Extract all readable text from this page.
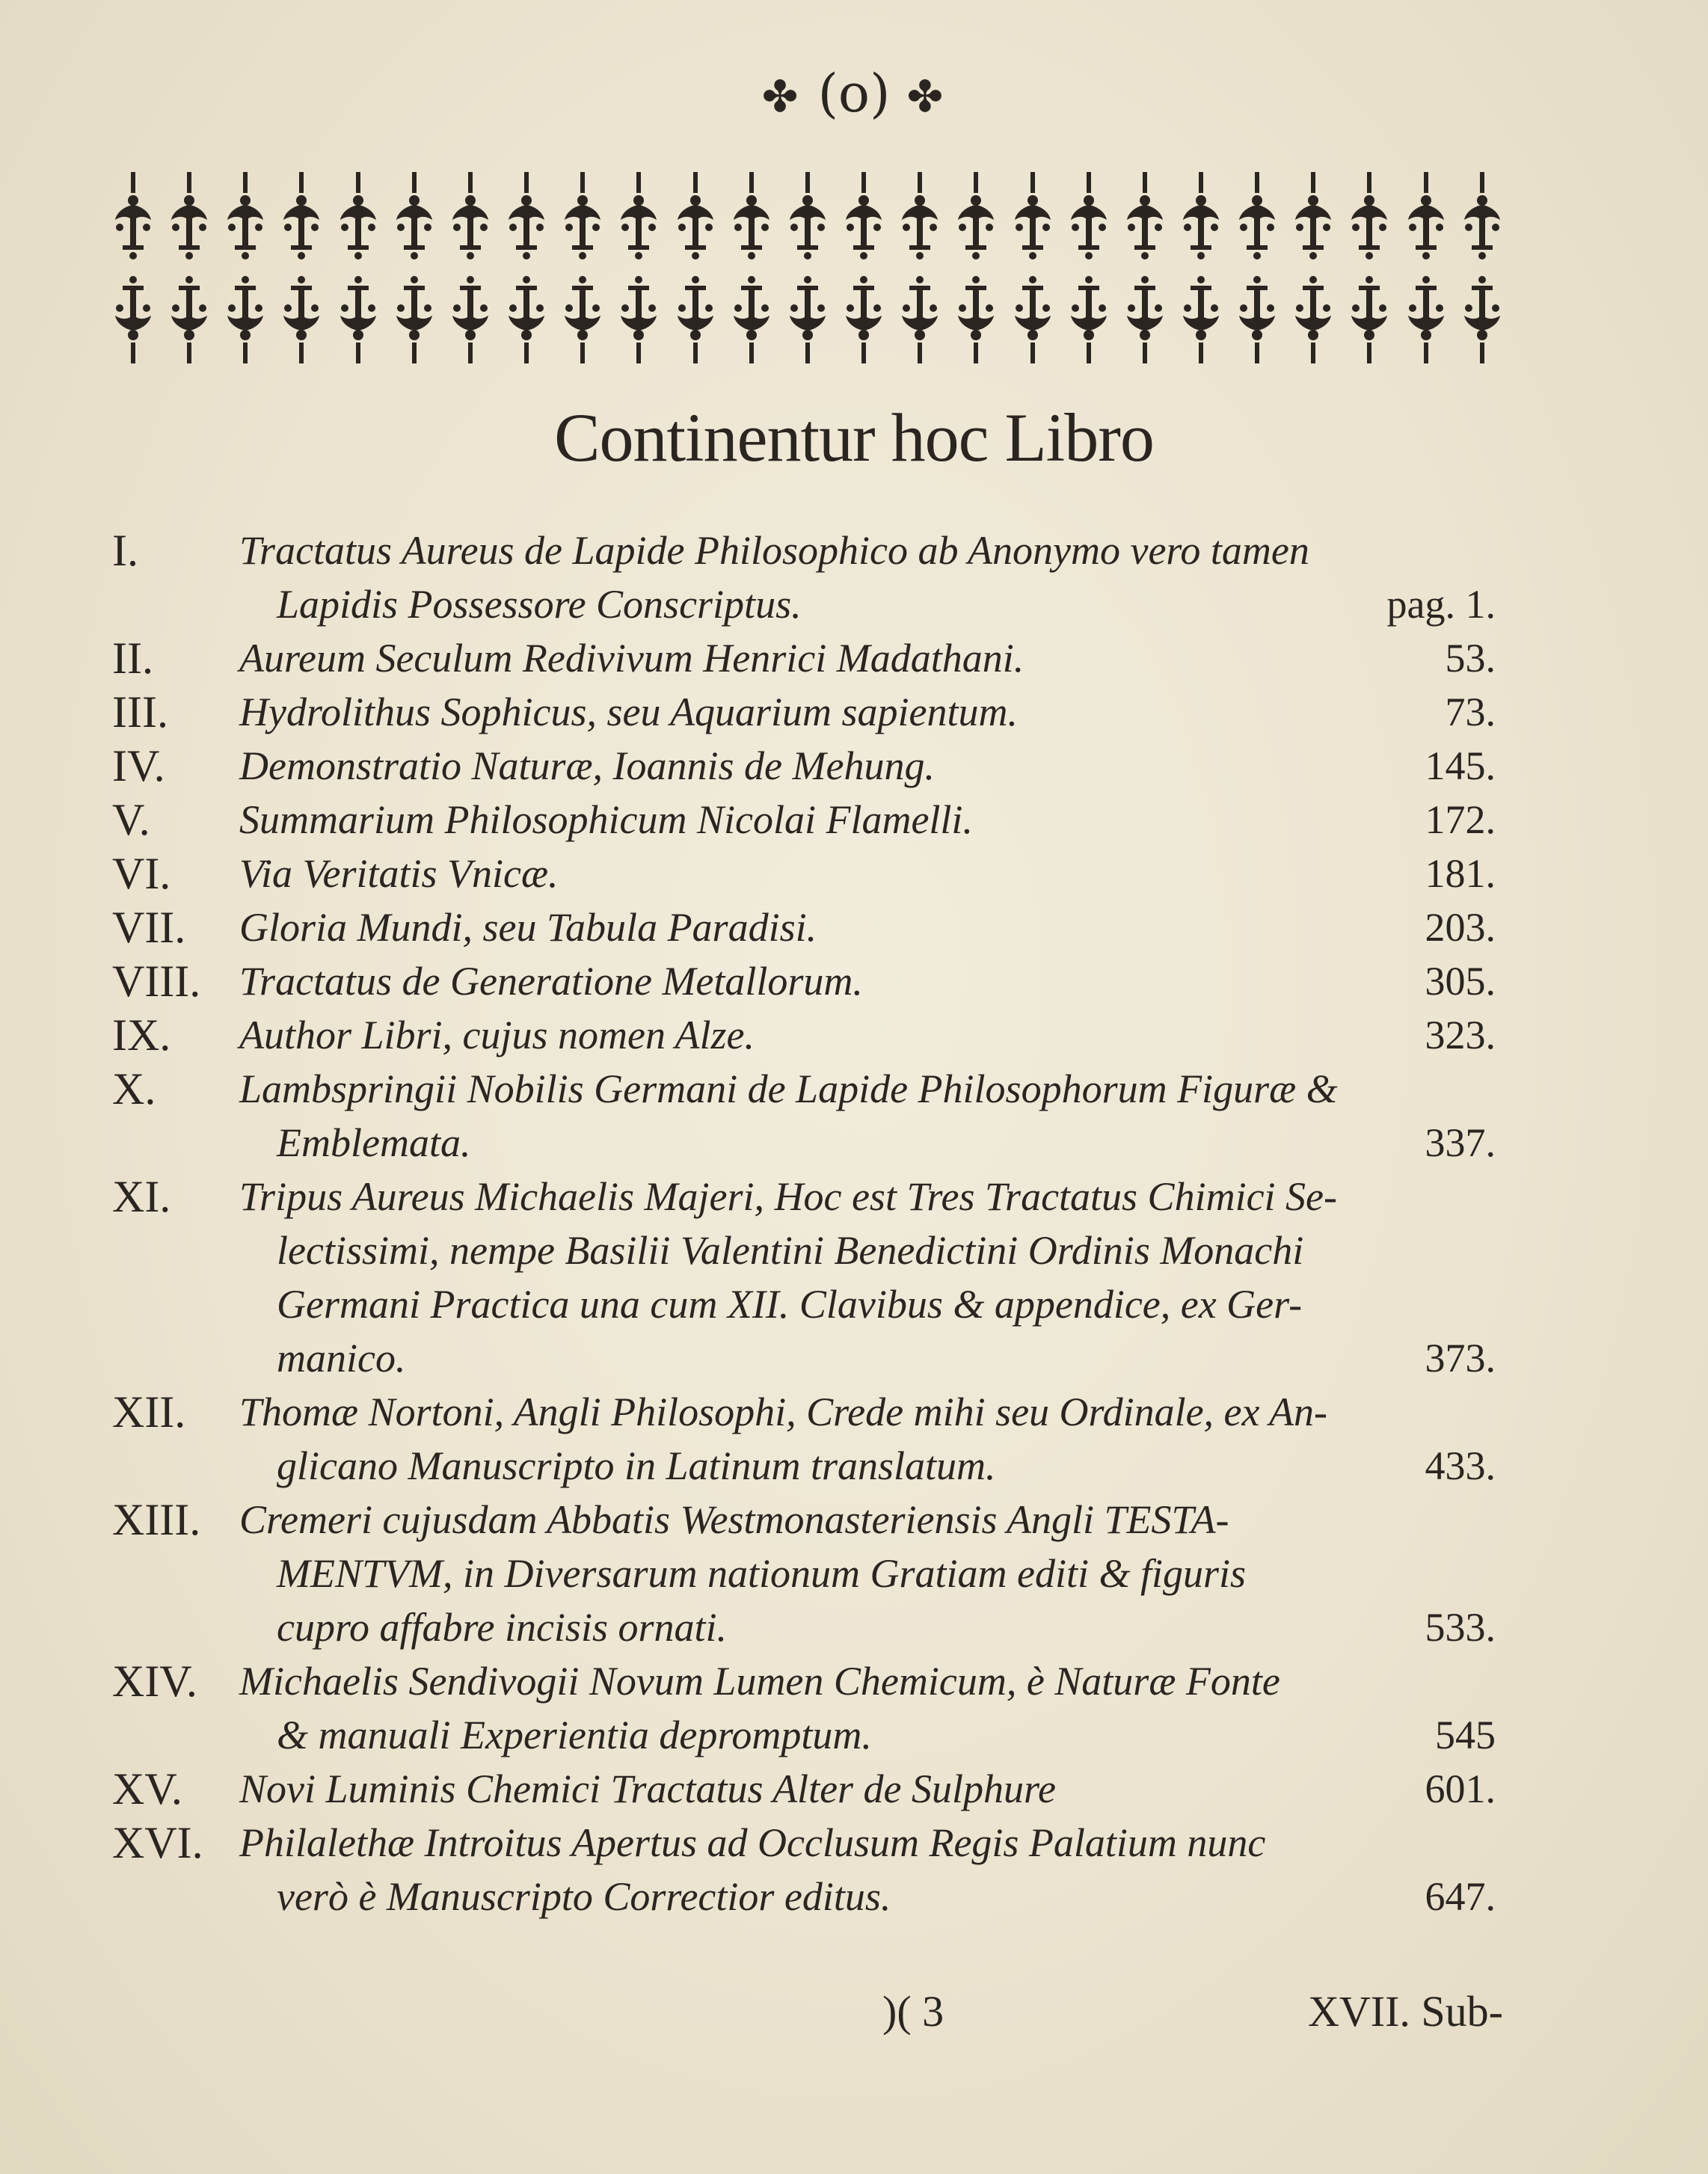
✤ (o) ✤
Continentur hoc Libro
I.	Tractatus Aureus de Lapide Philosophico ab Anonymo vero tamen
Lapidis Possessore Conscriptus.	pag. 1.
II.	Aureum Seculum Redivivum Henrici Madathani.	53.
III.	Hydrolithus Sophicus, seu Aquarium sapientum.	73.
IV.	Demonstratio Naturæ, Ioannis de Mehung.	145.
V.	Summarium Philosophicum Nicolai Flamelli.	172.
VI.	Via Veritatis Vnicæ.	181.
VII.	Gloria Mundi, seu Tabula Paradisi.	203.
VIII. Tractatus de Generatione Metallorum.	305.
IX.	Author Libri, cujus nomen Alze.	323.
X.	Lambspringii Nobilis Germani de Lapide Philosophorum Figuræ &
Emblemata.	337.
XI.	Tripus Aureus Michaelis Majeri, Hoc est Tres Tractatus Chimici Se-
lectissimi, nempe Basilii Valentini Benedictini Ordinis Monachi
Germani Practica una cum XII. Clavibus & appendice, ex Ger-
manico.	373.
XII.	Thomæ Nortoni, Angli Philosophi, Crede mihi seu Ordinale, ex An-
glicano Manuscripto in Latinum translatum.	433.
XIII. Cremeri cujusdam Abbatis Westmonasteriensis Angli TESTA-
MENTVM, in Diversarum nationum Gratiam editi & figuris
cupro affabre incisis ornati.	533.
XIV.	Michaelis Sendivogii Novum Lumen Chemicum, è Naturæ Fonte
& manuali Experientia depromptum.	545
XV.	Novi Luminis Chemici Tractatus Alter de Sulphure	601.
XVI. Philalethæ Introitus Apertus ad Occlusum Regis Palatium nunc
verò è Manuscripto Correctior editus.	647.
)( 3	XVII. Sub-
